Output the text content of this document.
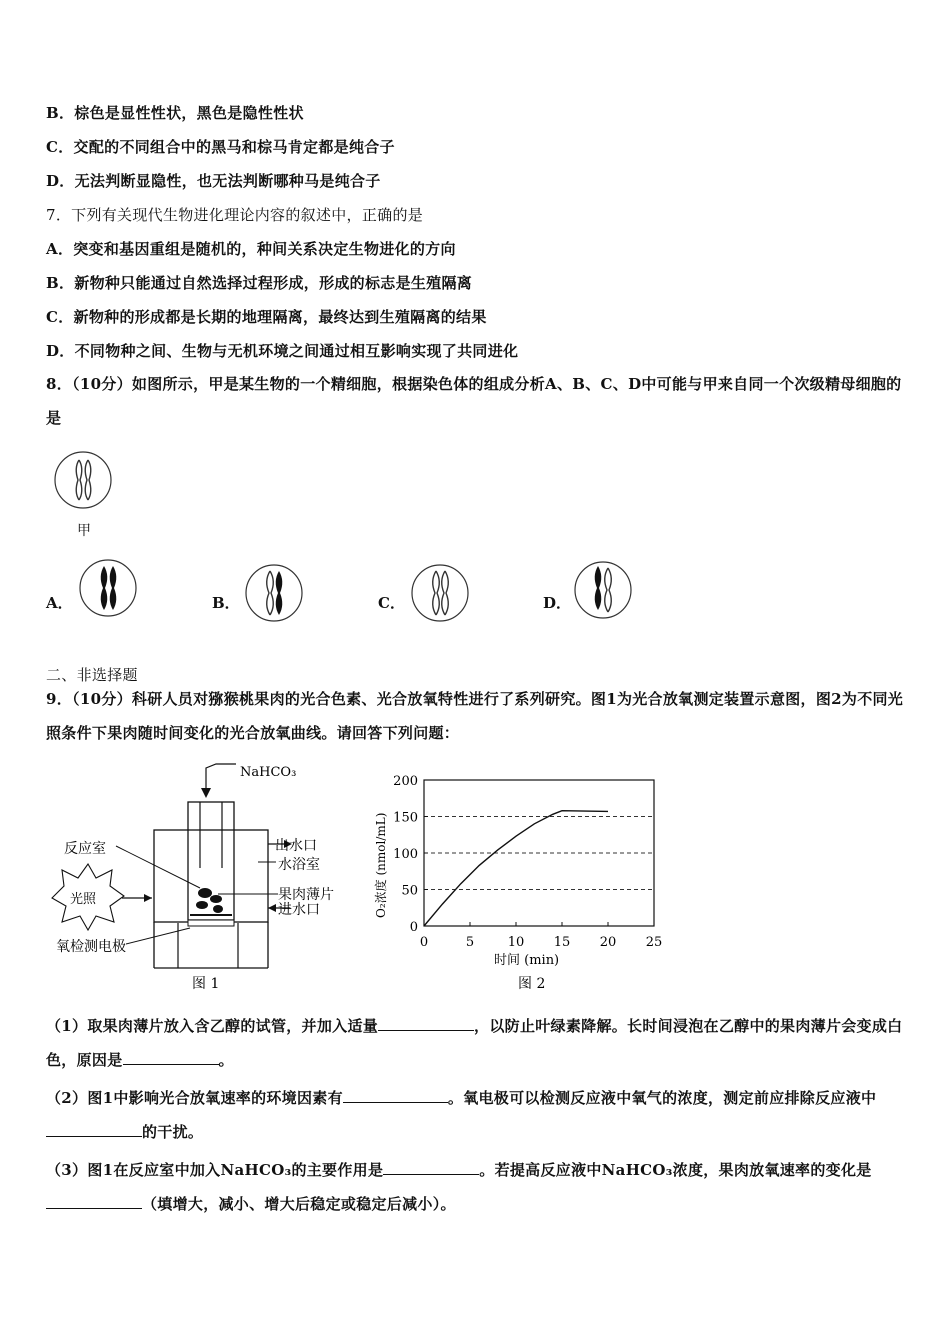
B．棕色是显性性状，黑色是隐性性状
C．交配的不同组合中的黑马和棕马肯定都是纯合子
D．无法判断显隐性，也无法判断哪种马是纯合子
7．下列有关现代生物进化理论内容的叙述中，正确的是
A．突变和基因重组是随机的，种间关系决定生物进化的方向
B．新物种只能通过自然选择过程形成，形成的标志是生殖隔离
C．新物种的形成都是长期的地理隔离，最终达到生殖隔离的结果
D．不同物种之间、生物与无机环境之间通过相互影响实现了共同进化
8．（10分）如图所示，甲是某生物的一个精细胞，根据染色体的组成分析A、B、C、D中可能与甲来自同一个次级精母细胞的是
甲
A．	B．	C．	D．
二、非选择题
9．（10分）科研人员对猕猴桃果肉的光合色素、光合放氧特性进行了系列研究。图1为光合放氧测定装置示意图，图2为不同光照条件下果肉随时间变化的光合放氧曲线。请回答下列问题：
NaHCO₃
出水口
水浴室
果肉薄片
进水口
反应室
光照
氧检测电极
图 1
0
50
100
150
200
0	5	10 15 20 25
时间 (min)
O₂浓度 (nmol/mL)
图 2
（1）取果肉薄片放入含乙醇的试管，并加入适量	，以防止叶绿素降解。长时间浸泡在乙醇中的果肉薄片会变成白色，原因是	。
（2）图1中影响光合放氧速率的环境因素有	。氧电极可以检测反应液中氧气的浓度，测定前应排除反应液中的干扰。
（3）图1在反应室中加入NaHCO₃的主要作用是	。若提高反应液中NaHCO₃浓度，果肉放氧速率的变化是（填增大，减小、增大后稳定或稳定后减小）。
